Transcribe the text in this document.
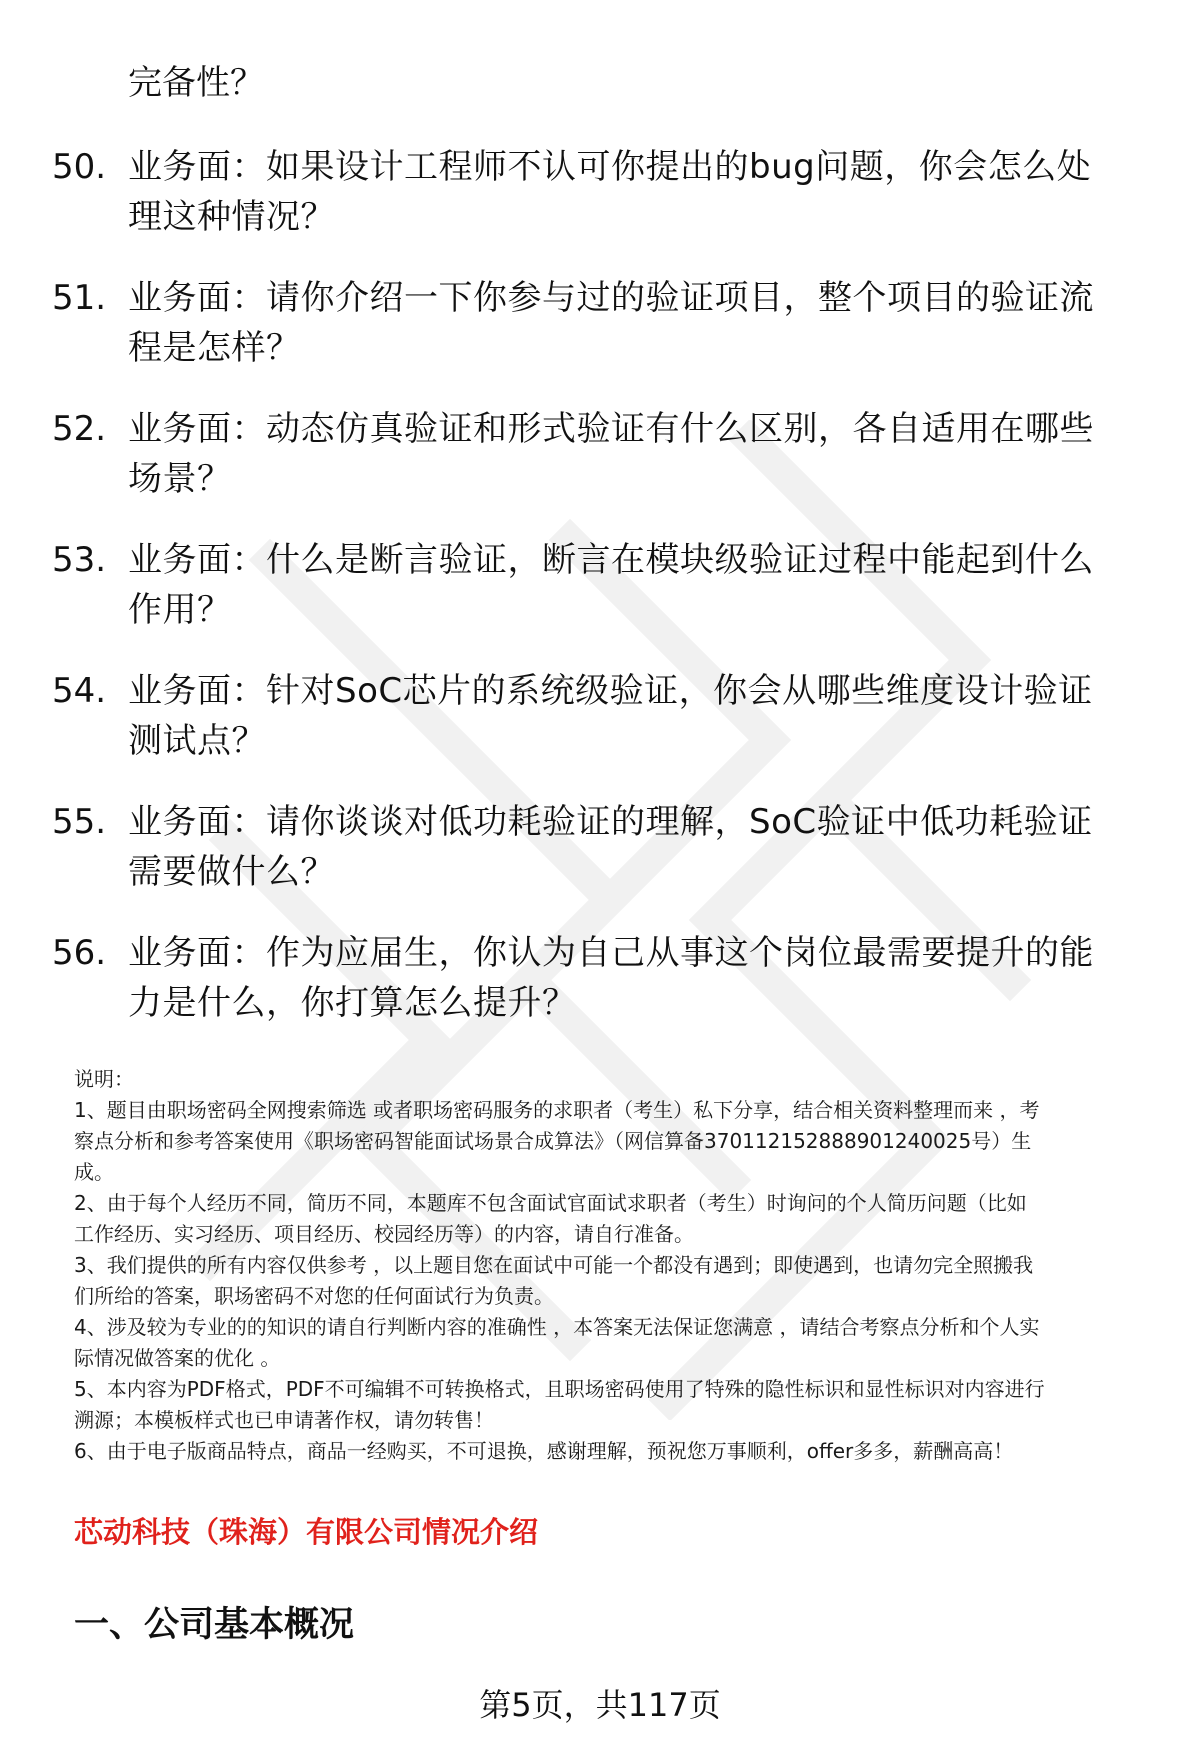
完备性？
50. 业务面：如果设计工程师不认可你提出的bug问题，你会怎么处
理这种情况？
51. 业务面：请你介绍一下你参与过的验证项目，整个项目的验证流
程是怎样？
52. 业务面：动态仿真验证和形式验证有什么区别，各自适用在哪些
场景？
53. 业务面：什么是断言验证，断言在模块级验证过程中能起到什么
作用？
54. 业务面：针对SoC芯片的系统级验证，你会从哪些维度设计验证
测试点？
55. 业务面：请你谈谈对低功耗验证的理解，SoC验证中低功耗验证
需要做什么？
56. 业务面：作为应届生，你认为自己从事这个岗位最需要提升的能
力是什么，你打算怎么提升？
说明：
1、题目由职场密码全网搜索筛选 或者职场密码服务的求职者（考生）私下分享，结合相关资料整理而来 ，考
察点分析和参考答案使用《职场密码智能面试场景合成算法》（网信算备370112152888901240025号）生
成。
2、由于每个人经历不同，简历不同，本题库不包含面试官面试求职者（考生）时询问的个人简历问题（比如
工作经历、实习经历、项目经历、校园经历等）的内容，请自行准备。
3、我们提供的所有内容仅供参考 ，以上题目您在面试中可能一个都没有遇到；即使遇到，也请勿完全照搬我
们所给的答案，职场密码不对您的任何面试行为负责。
4、涉及较为专业的的知识的请自行判断内容的准确性 ，本答案无法保证您满意 ，请结合考察点分析和个人实
际情况做答案的优化 。
5、本内容为PDF格式，PDF不可编辑不可转换格式，且职场密码使用了特殊的隐性标识和显性标识对内容进行
溯源；本模板样式也已申请著作权，请勿转售！
6、由于电子版商品特点，商品一经购买，不可退换，感谢理解，预祝您万事顺利，offer多多，薪酬高高！
芯动科技（珠海）有限公司情况介绍
一、公司基本概况
第5页，共117页
